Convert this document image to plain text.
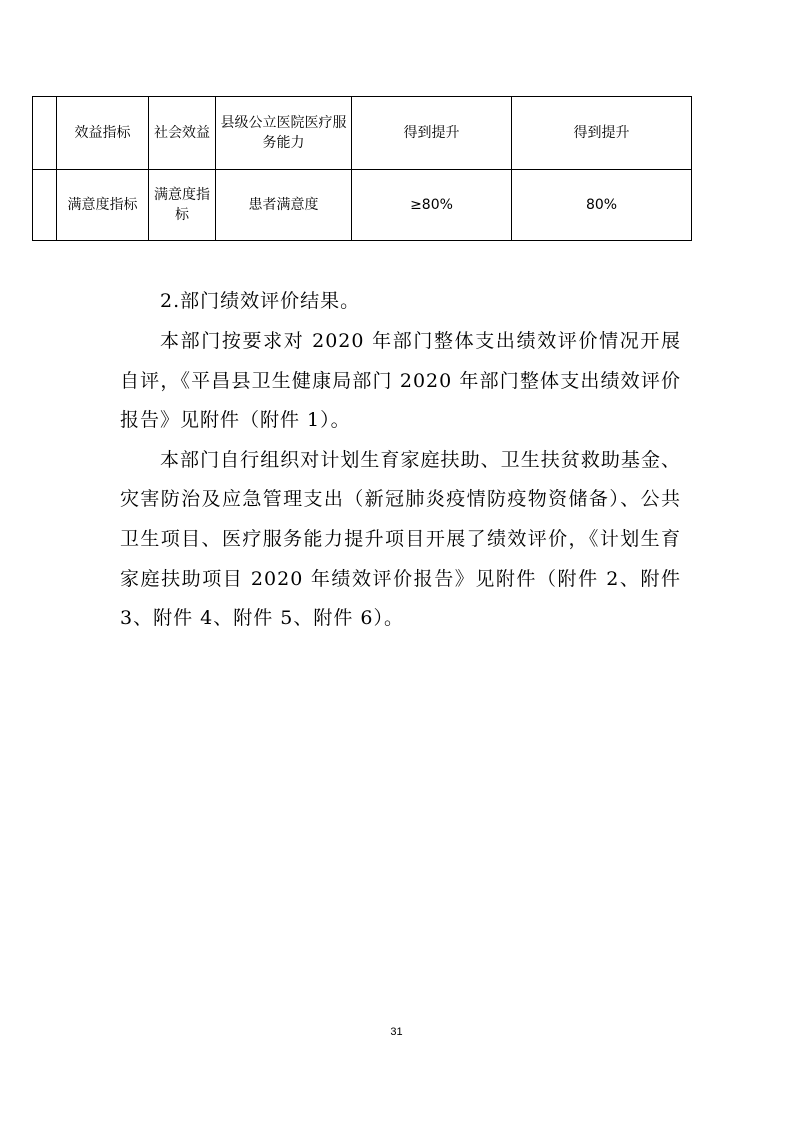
	效益指标	社会效益	县级公立医院医疗服务能力	得到提升	得到提升
	满意度指标	满意度指标	患者满意度	≥80%	80%

2.部门绩效评价结果。

本部门按要求对 2020 年部门整体支出绩效评价情况开展自评，《平昌县卫生健康局部门 2020 年部门整体支出绩效评价报告》见附件（附件 1）。

本部门自行组织对计划生育家庭扶助、卫生扶贫救助基金、灾害防治及应急管理支出（新冠肺炎疫情防疫物资储备）、公共卫生项目、医疗服务能力提升项目开展了绩效评价，《计划生育家庭扶助项目 2020 年绩效评价报告》见附件（附件 2、附件 3、附件 4、附件 5、附件 6）。

31
